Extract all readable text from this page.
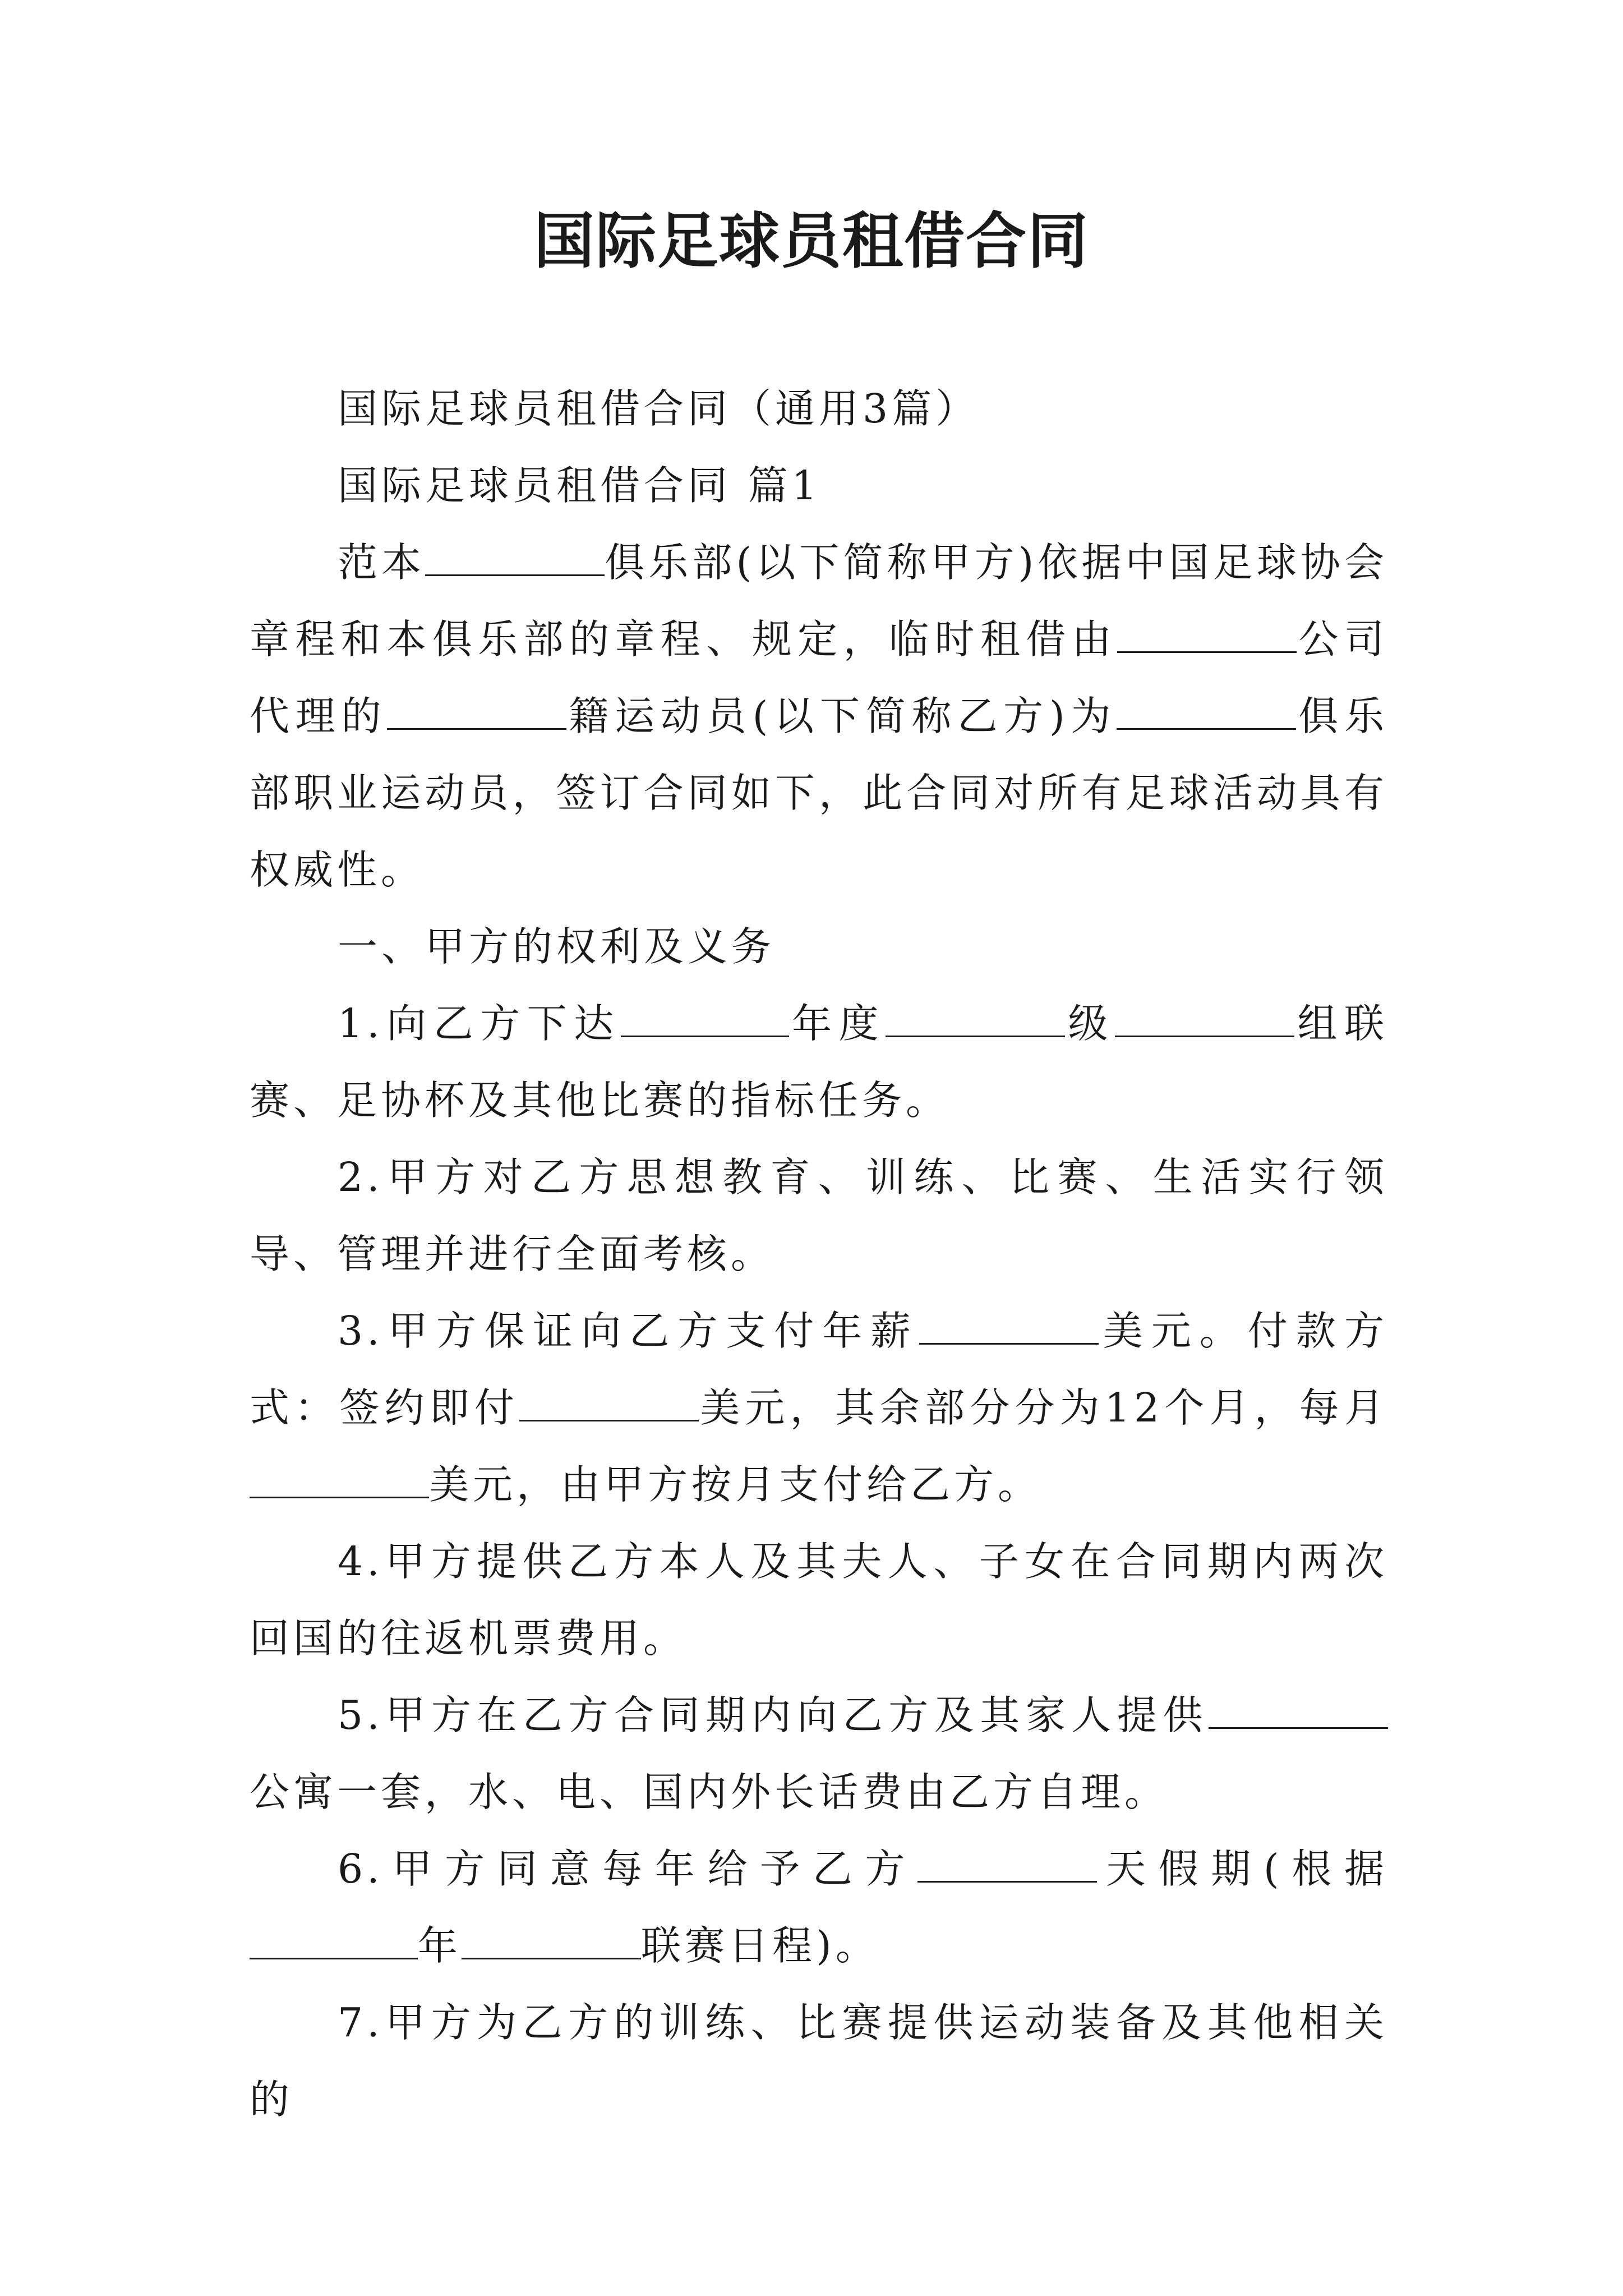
国际足球员租借合同

国际足球员租借合同（通用3篇）

国际足球员租借合同 篇1

范本	俱乐部(以下简称甲方)依据中国足球协会章程和本俱乐部的章程、规定，临时租借由	公司代理的	籍运动员(以下简称乙方)为	俱乐部职业运动员，签订合同如下，此合同对所有足球活动具有权威性。

一、甲方的权利及义务

1.向乙方下达	年度	级	组联赛、足协杯及其他比赛的指标任务。

2.甲方对乙方思想教育、训练、比赛、生活实行领导、管理并进行全面考核。

3.甲方保证向乙方支付年薪	美元。付款方式：签约即付	美元，其余部分分为12个月，每月美元，由甲方按月支付给乙方。

4.甲方提供乙方本人及其夫人、子女在合同期内两次回国的往返机票费用。

5.甲方在乙方合同期内向乙方及其家人提供公寓一套，水、电、国内外长话费由乙方自理。

6.甲方同意每年给予乙方	天假期(根据年	联赛日程)。

7.甲方为乙方的训练、比赛提供运动装备及其他相关的
